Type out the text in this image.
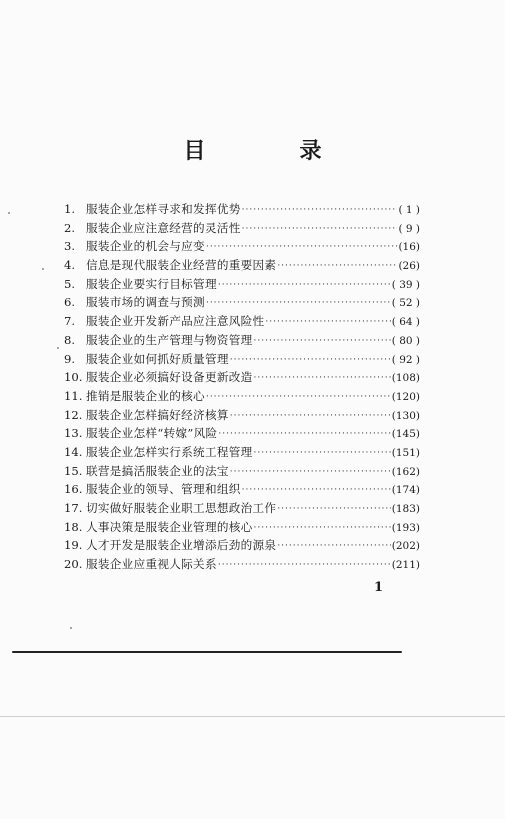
目　录
1. 服装企业怎样寻求和发挥优势 ·····	( 1 )
2. 服装企业应注意经营的灵活性 ·····	( 9 )
3. 服装企业的机会与应变 ·····	(16)
4. 信息是现代服装企业经营的重要因素 ·····	(26)
5. 服装企业要实行目标管理 ·····	( 39 )
6. 服装市场的调查与预测 ·····	( 52 )
7. 服装企业开发新产品应注意风险性 ·····	( 64 )
8. 服装企业的生产管理与物资管理 ·····	( 80 )
9. 服装企业如何抓好质量管理 ·····	( 92 )
10. 服装企业必须搞好设备更新改造 ·····	(108)
11. 推销是服装企业的核心 ·····	(120)
12. 服装企业怎样搞好经济核算 ·····	(130)
13. 服装企业怎样“转嫁”风险 ·····	(145)
14. 服装企业怎样实行系统工程管理 ·····	(151)
15. 联营是搞活服装企业的法宝 ·····	(162)
16. 服装企业的领导、管理和组织 ·····	(174)
17. 切实做好服装企业职工思想政治工作 ·····	(183)
18. 人事决策是服装企业管理的核心 ·····	(193)
19. 人才开发是服装企业增添后劲的源泉 ·····	(202)
20. 服装企业应重视人际关系 ·····	(211)
1
